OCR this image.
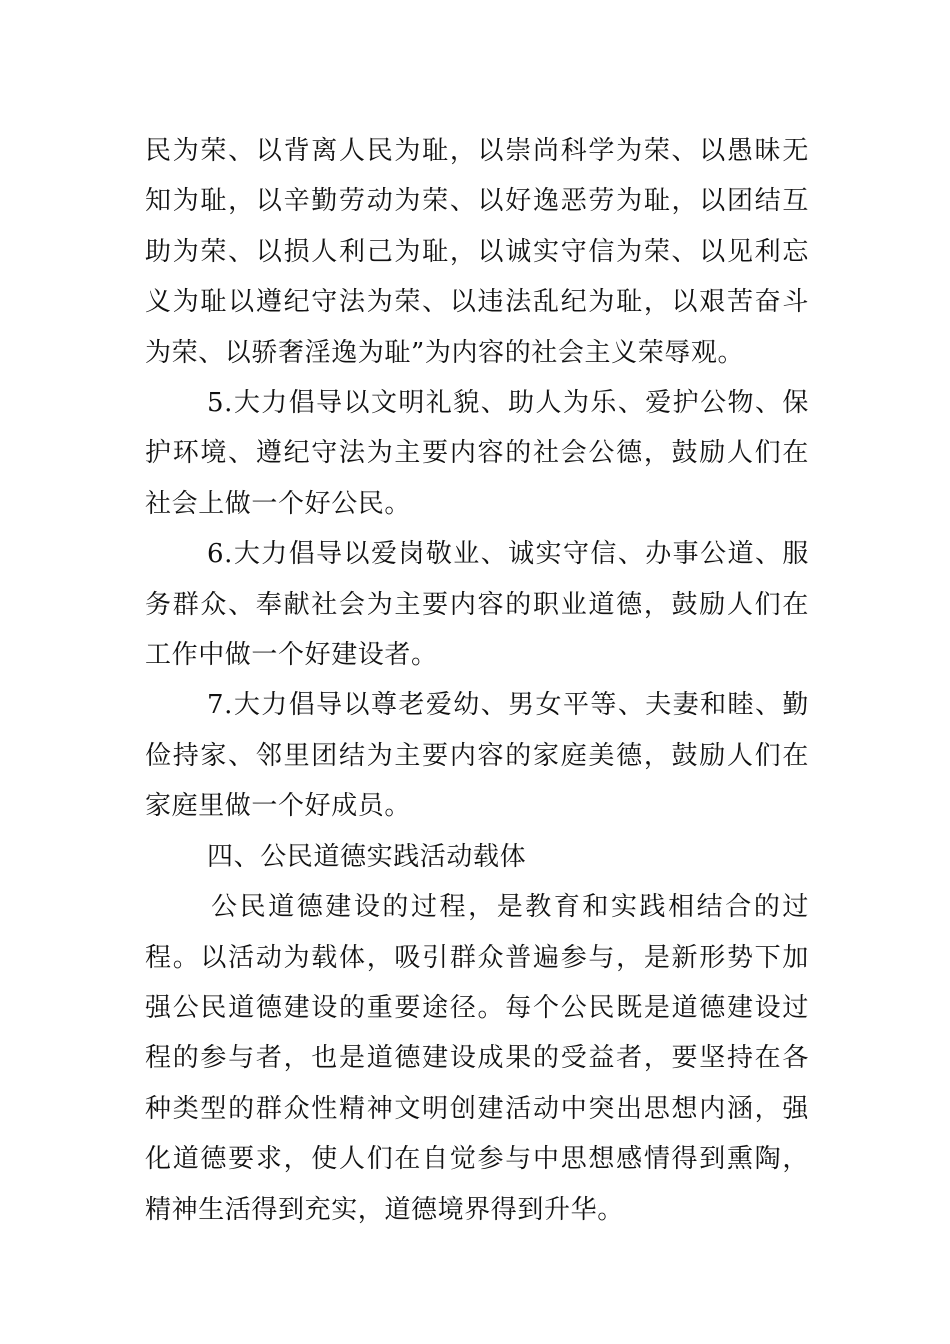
民为荣、以背离人民为耻，以崇尚科学为荣、以愚昧无知为耻，以辛勤劳动为荣、以好逸恶劳为耻，以团结互助为荣、以损人利己为耻，以诚实守信为荣、以见利忘义为耻以遵纪守法为荣、以违法乱纪为耻，以艰苦奋斗为荣、以骄奢淫逸为耻”为内容的社会主义荣辱观。

5.大力倡导以文明礼貌、助人为乐、爱护公物、保护环境、遵纪守法为主要内容的社会公德，鼓励人们在社会上做一个好公民。

6.大力倡导以爱岗敬业、诚实守信、办事公道、服务群众、奉献社会为主要内容的职业道德，鼓励人们在工作中做一个好建设者。

7.大力倡导以尊老爱幼、男女平等、夫妻和睦、勤俭持家、邻里团结为主要内容的家庭美德，鼓励人们在家庭里做一个好成员。

四、公民道德实践活动载体

公民道德建设的过程，是教育和实践相结合的过程。以活动为载体，吸引群众普遍参与，是新形势下加强公民道德建设的重要途径。每个公民既是道德建设过程的参与者，也是道德建设成果的受益者，要坚持在各种类型的群众性精神文明创建活动中突出思想内涵，强化道德要求，使人们在自觉参与中思想感情得到熏陶，精神生活得到充实，道德境界得到升华。
